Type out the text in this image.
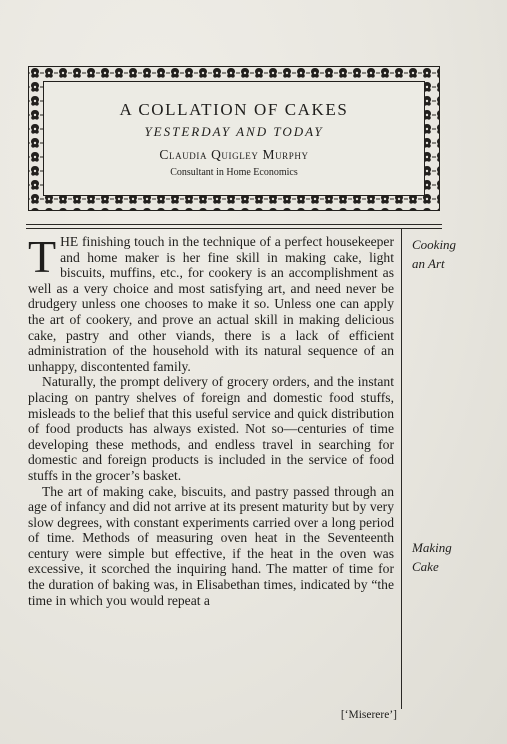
A COLLATION OF CAKES
YESTERDAY AND TODAY
Claudia Quigley Murphy
Consultant in Home Economics
Cooking
an Art
Making
Cake

THE finishing touch in the technique of a perfect housekeeper and home maker is her fine skill in making cake, light biscuits, muffins, etc., for cookery is an accomplishment as well as a very choice and most satisfying art, and need never be drudgery unless one chooses to make it so. Unless one can apply the art of cookery, and prove an actual skill in making delicious cake, pastry and other viands, there is a lack of efficient administration of the household with its natural sequence of an unhappy, discontented family.

Naturally, the prompt delivery of grocery orders, and the instant placing on pantry shelves of foreign and domestic food stuffs, misleads to the belief that this useful service and quick distribution of food products has always existed. Not so—centuries of time developing these methods, and endless travel in searching for domestic and foreign products is included in the service of food stuffs in the grocer’s basket.

The art of making cake, biscuits, and pastry passed through an age of infancy and did not arrive at its present maturity but by very slow degrees, with constant experiments carried over a long period of time. Methods of measuring oven heat in the Seventeenth century were simple but effective, if the heat in the oven was excessive, it scorched the inquiring hand. The matter of time for the duration of baking was, in Elisabethan times, indicated by “the time in which you would repeat a

[‘Miserere’]
